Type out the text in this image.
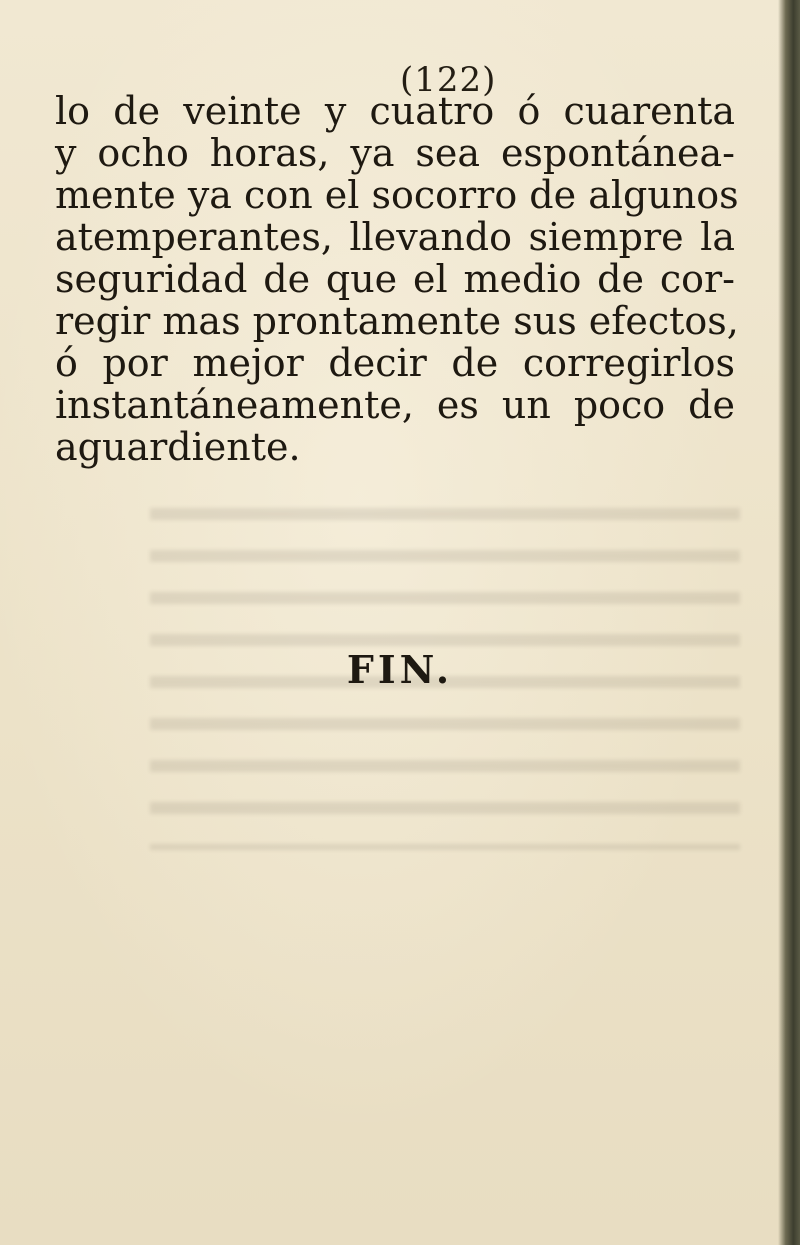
(122)
lo de veinte y cuatro ó cuarenta
y ocho horas, ya sea espontánea-
mente ya con el socorro de algunos
atemperantes, llevando siempre la
seguridad de que el medio de cor-
regir mas prontamente sus efectos,
ó por mejor decir de corregirlos
instantáneamente, es un poco de
aguardiente.
FIN.
